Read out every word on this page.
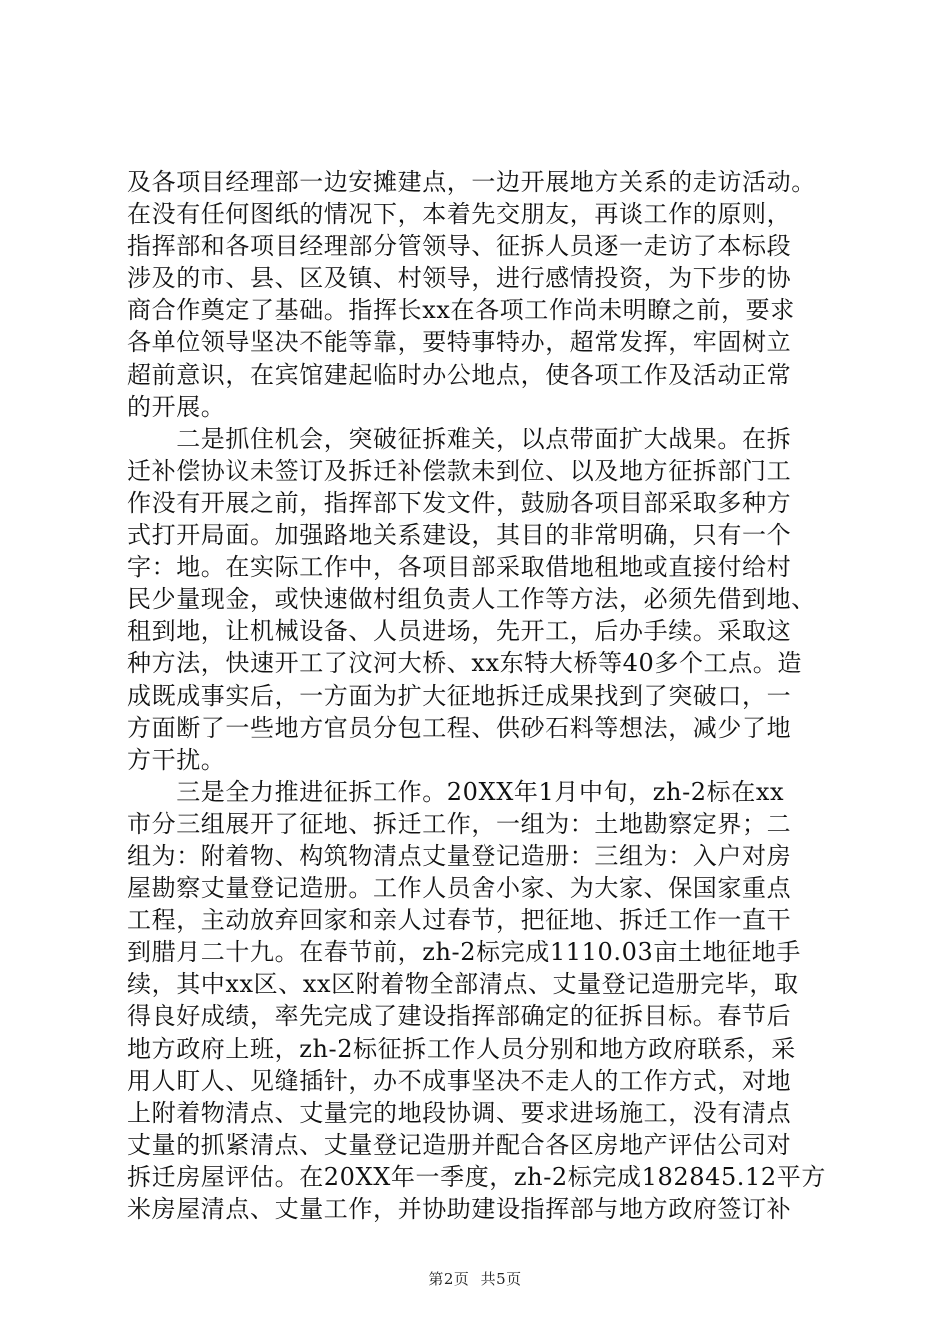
及各项目经理部一边安摊建点，一边开展地方关系的走访活动。
在没有任何图纸的情况下，本着先交朋友，再谈工作的原则，
指挥部和各项目经理部分管领导、征拆人员逐一走访了本标段
涉及的市、县、区及镇、村领导，进行感情投资，为下步的协
商合作奠定了基础。指挥长xx在各项工作尚未明瞭之前，要求
各单位领导坚决不能等靠，要特事特办，超常发挥，牢固树立
超前意识，在宾馆建起临时办公地点，使各项工作及活动正常
的开展。
　　二是抓住机会，突破征拆难关，以点带面扩大战果。在拆
迁补偿协议未签订及拆迁补偿款未到位、以及地方征拆部门工
作没有开展之前，指挥部下发文件，鼓励各项目部采取多种方
式打开局面。加强路地关系建设，其目的非常明确，只有一个
字：地。在实际工作中，各项目部采取借地租地或直接付给村
民少量现金，或快速做村组负责人工作等方法，必须先借到地、
租到地，让机械设备、人员进场，先开工，后办手续。采取这
种方法，快速开工了汶河大桥、xx东特大桥等40多个工点。造
成既成事实后，一方面为扩大征地拆迁成果找到了突破口，一
方面断了一些地方官员分包工程、供砂石料等想法，减少了地
方干扰。
　　三是全力推进征拆工作。20XX年1月中旬，zh-2标在xx
市分三组展开了征地、拆迁工作，一组为：土地勘察定界；二
组为：附着物、构筑物清点丈量登记造册：三组为：入户对房
屋勘察丈量登记造册。工作人员舍小家、为大家、保国家重点
工程，主动放弃回家和亲人过春节，把征地、拆迁工作一直干
到腊月二十九。在春节前，zh-2标完成1110.03亩土地征地手
续，其中xx区、xx区附着物全部清点、丈量登记造册完毕，取
得良好成绩，率先完成了建设指挥部确定的征拆目标。春节后
地方政府上班，zh-2标征拆工作人员分别和地方政府联系，采
用人盯人、见缝插针，办不成事坚决不走人的工作方式，对地
上附着物清点、丈量完的地段协调、要求进场施工，没有清点
丈量的抓紧清点、丈量登记造册并配合各区房地产评估公司对
拆迁房屋评估。在20XX年一季度，zh-2标完成182845.12平方
米房屋清点、丈量工作，并协助建设指挥部与地方政府签订补
第2页 共5页
